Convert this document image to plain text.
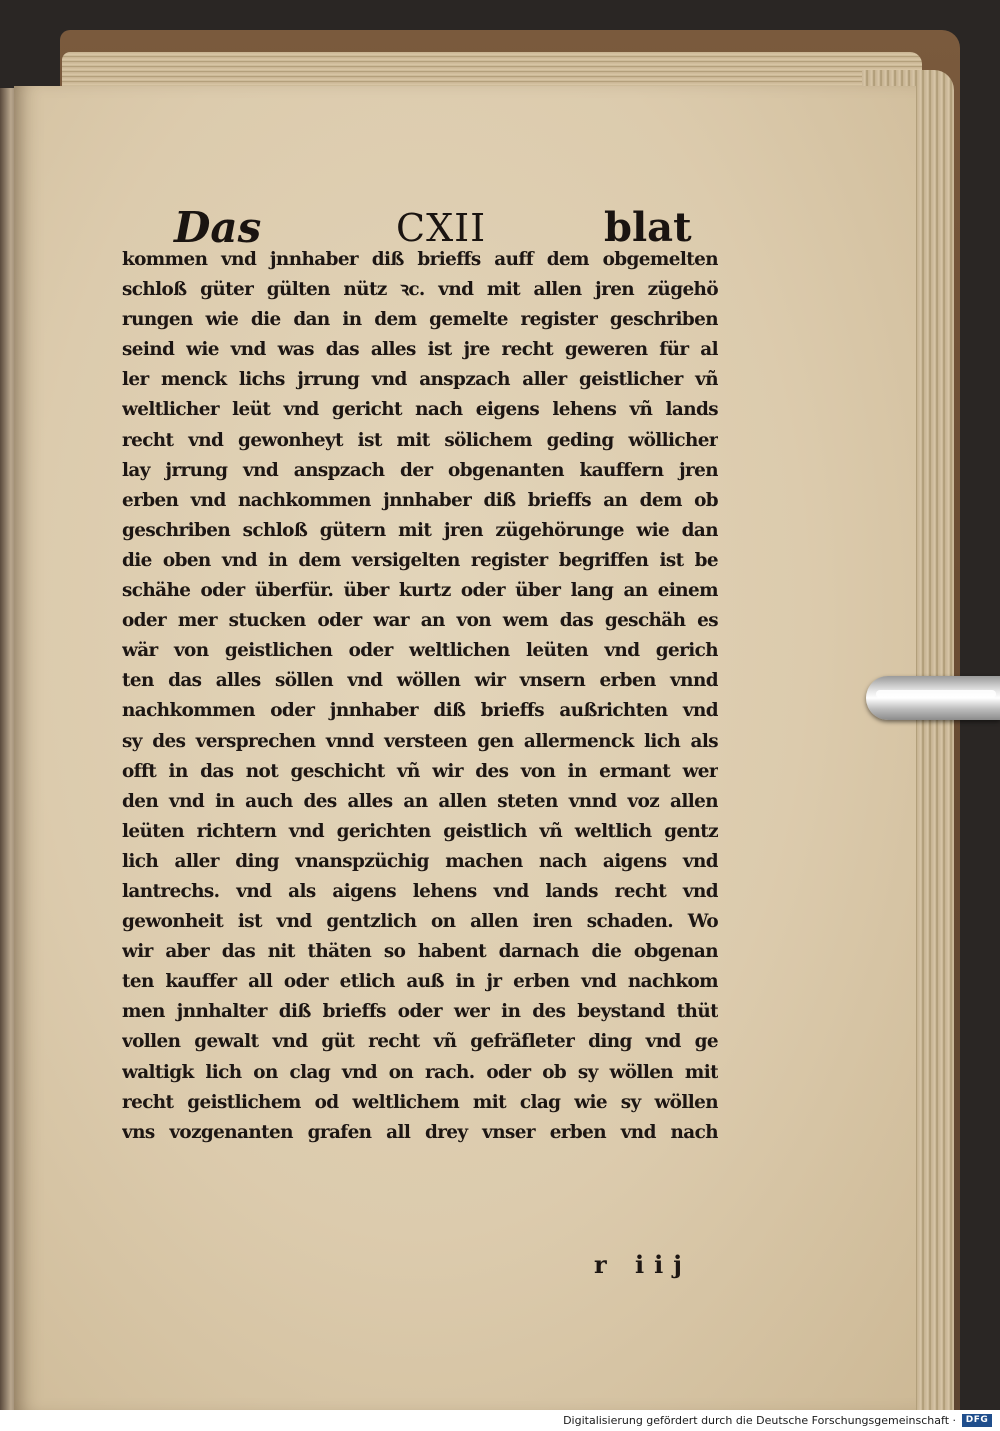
Das	CXII	blat
kommen vnd jnnhaber diß brieffs auff dem obgemelten
schloß güter gülten nütz ꝛc. vnd mit allen jren zügehö
rungen wie die dan in dem gemelte register geschriben
seind wie vnd was das alles ist jre recht geweren für al
ler menck lichs jrrung vnd anspzach aller geistlicher vñ
weltlicher leüt vnd gericht nach eigens lehens vñ lands
recht vnd gewonheyt ist mit sölichem geding wöllicher
lay jrrung vnd anspzach der obgenanten kauffern jren
erben vnd nachkommen jnnhaber diß brieffs an dem ob
geschriben schloß gütern mit jren zügehörunge wie dan
die oben vnd in dem versigelten register begriffen ist be
schähe oder überfür. über kurtz oder über lang an einem
oder mer stucken oder war an von wem das geschäh es
wär von geistlichen oder weltlichen leüten vnd gerich
ten das alles söllen vnd wöllen wir vnsern erben vnnd
nachkommen oder jnnhaber diß brieffs außrichten vnd
sy des versprechen vnnd versteen gen allermenck lich als
offt in das not geschicht vñ wir des von in ermant wer
den vnd in auch des alles an allen steten vnnd voz allen
leüten richtern vnd gerichten geistlich vñ weltlich gentz
lich aller ding vnanspzüchig machen nach aigens vnd
lantrechs. vnd als aigens lehens vnd lands recht vnd
gewonheit ist vnd gentzlich on allen iren schaden. Wo
wir aber das nit thäten so habent darnach die obgenan
ten kauffer all oder etlich auß in jr erben vnd nachkom
men jnnhalter diß brieffs oder wer in des beystand thüt
vollen gewalt vnd güt recht vñ gefräfleter ding vnd ge
waltigk lich on clag vnd on rach. oder ob sy wöllen mit
recht geistlichem od weltlichem mit clag wie sy wöllen
vns vozgenanten grafen all drey vnser erben vnd nach
r iij
Digitalisierung gefördert durch die Deutsche Forschungsgemeinschaft ·	DFG
